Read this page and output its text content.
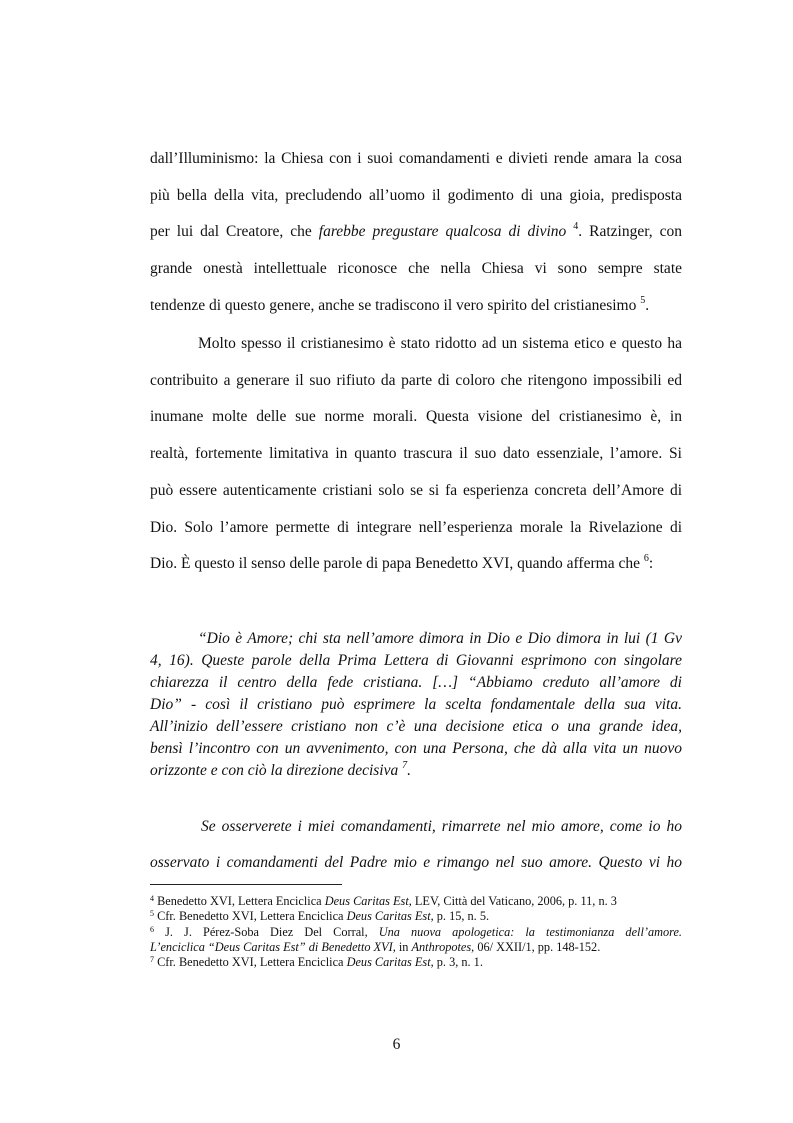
dall’Illuminismo: la Chiesa con i suoi comandamenti e divieti rende amara la cosa
più bella della vita, precludendo all’uomo il godimento di una gioia, predisposta
per lui dal Creatore, che farebbe pregustare qualcosa di divino $^4$. Ratzinger, con
grande onestà intellettuale riconosce che nella Chiesa vi sono sempre state
tendenze di questo genere, anche se tradiscono il vero spirito del cristianesimo $^5$.
Molto spesso il cristianesimo è stato ridotto ad un sistema etico e questo ha
contribuito a generare il suo rifiuto da parte di coloro che ritengono impossibili ed
inumane molte delle sue norme morali. Questa visione del cristianesimo è, in
realtà, fortemente limitativa in quanto trascura il suo dato essenziale, l’amore. Si
può essere autenticamente cristiani solo se si fa esperienza concreta dell’Amore di
Dio. Solo l’amore permette di integrare nell’esperienza morale la Rivelazione di
Dio. È questo il senso delle parole di papa Benedetto XVI, quando afferma che $^6$:
“Dio è Amore; chi sta nell’amore dimora in Dio e Dio dimora in lui (1 Gv
4, 16). Queste parole della Prima Lettera di Giovanni esprimono con singolare
chiarezza il centro della fede cristiana. […] “Abbiamo creduto all’amore di
Dio” - così il cristiano può esprimere la scelta fondamentale della sua vita.
All’inizio dell’essere cristiano non c’è una decisione etica o una grande idea,
bensì l’incontro con un avvenimento, con una Persona, che dà alla vita un nuovo
orizzonte e con ciò la direzione decisiva $^7$.
Se osserverete i miei comandamenti, rimarrete nel mio amore, come io ho
osservato i comandamenti del Padre mio e rimango nel suo amore. Questo vi ho
$^4$ Benedetto XVI, Lettera Enciclica Deus Caritas Est, LEV, Città del Vaticano, 2006, p. 11, n. 3
$^5$ Cfr. Benedetto XVI, Lettera Enciclica Deus Caritas Est, p. 15, n. 5.
$^6$ J. J. Pérez-Soba Diez Del Corral, Una nuova apologetica: la testimonianza dell’amore.
L’enciclica “Deus Caritas Est” di Benedetto XVI, in Anthropotes, 06/ XXII/1, pp. 148-152.
$^7$ Cfr. Benedetto XVI, Lettera Enciclica Deus Caritas Est, p. 3, n. 1.
6
